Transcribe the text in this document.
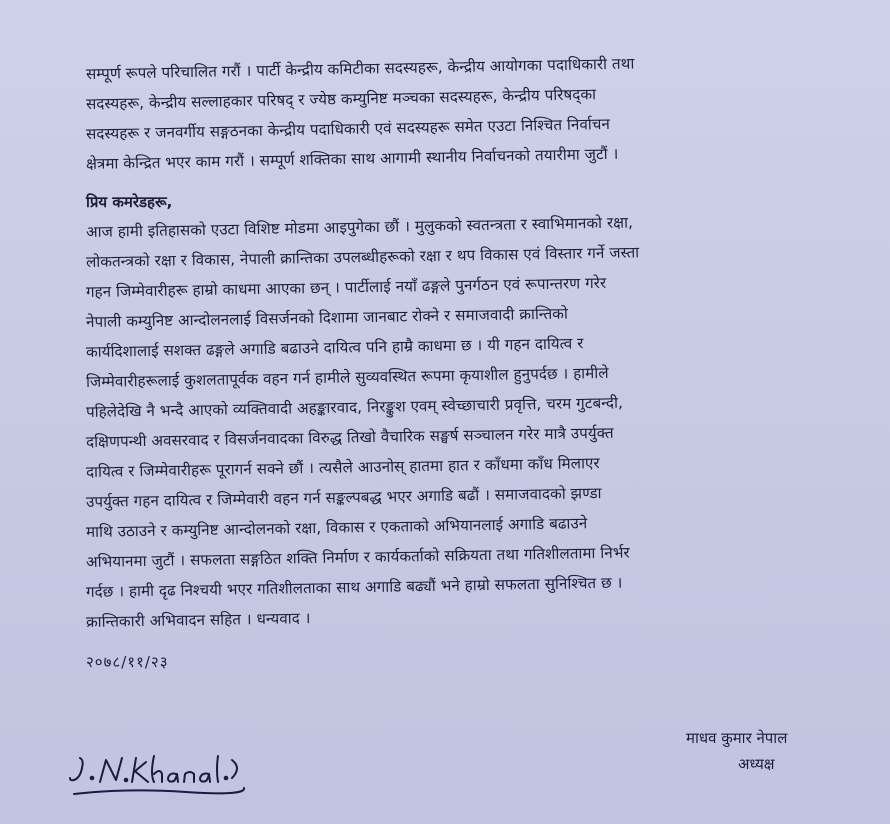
सम्पूर्ण रूपले परिचालित गरौं । पार्टी केन्द्रीय कमिटीका सदस्यहरू, केन्द्रीय आयोगका पदाधिकारी तथा
सदस्यहरू, केन्द्रीय सल्लाहकार परिषद् र ज्येष्ठ कम्युनिष्ट मञ्चका सदस्यहरू, केन्द्रीय परिषद्का
सदस्यहरू र जनवर्गीय सङ्गठनका केन्द्रीय पदाधिकारी एवं सदस्यहरू समेत एउटा निश्चित निर्वाचन
क्षेत्रमा केन्द्रित भएर काम गरौं । सम्पूर्ण शक्तिका साथ आगामी स्थानीय निर्वाचनको तयारीमा जुटौं ।
प्रिय कमरेडहरू,
आज हामी इतिहासको एउटा विशिष्ट मोडमा आइपुगेका छौं । मुलुकको स्वतन्त्रता र स्वाभिमानको रक्षा,
लोकतन्त्रको रक्षा र विकास, नेपाली क्रान्तिका उपलब्धीहरूको रक्षा र थप विकास एवं विस्तार गर्ने जस्ता
गहन जिम्मेवारीहरू हाम्रो काधमा आएका छन् । पार्टीलाई नयाँ ढङ्गले पुनर्गठन एवं रूपान्तरण गरेर
नेपाली कम्युनिष्ट आन्दोलनलाई विसर्जनको दिशामा जानबाट रोक्ने र समाजवादी क्रान्तिको
कार्यदिशालाई सशक्त ढङ्गले अगाडि बढाउने दायित्व पनि हाम्रै काधमा छ । यी गहन दायित्व र
जिम्मेवारीहरूलाई कुशलतापूर्वक वहन गर्न हामीले सुव्यवस्थित रूपमा कृयाशील हुनुपर्दछ । हामीले
पहिलेदेखि नै भन्दै आएको व्यक्तिवादी अहङ्कारवाद, निरङ्कुश एवम् स्वेच्छाचारी प्रवृत्ति, चरम गुटबन्दी,
दक्षिणपन्थी अवसरवाद र विसर्जनवादका विरुद्ध तिखो वैचारिक सङ्घर्ष सञ्चालन गरेर मात्रै उपर्युक्त
दायित्व र जिम्मेवारीहरू पूरागर्न सक्ने छौं । त्यसैले आउनोस् हातमा हात र काँधमा काँध मिलाएर
उपर्युक्त गहन दायित्व र जिम्मेवारी वहन गर्न सङ्कल्पबद्ध भएर अगाडि बढौं । समाजवादको झण्डा
माथि उठाउने र कम्युनिष्ट आन्दोलनको रक्षा, विकास र एकताको अभियानलाई अगाडि बढाउने
अभियानमा जुटौं । सफलता सङ्गठित शक्ति निर्माण र कार्यकर्ताको सक्रियता तथा गतिशीलतामा निर्भर
गर्दछ । हामी दृढ निश्चयी भएर गतिशीलताका साथ अगाडि बढ्यौं भने हाम्रो सफलता सुनिश्चित छ ।
क्रान्तिकारी अभिवादन सहित । धन्यवाद ।
२०७८/११/२३
माधव कुमार नेपाल
अध्यक्ष
